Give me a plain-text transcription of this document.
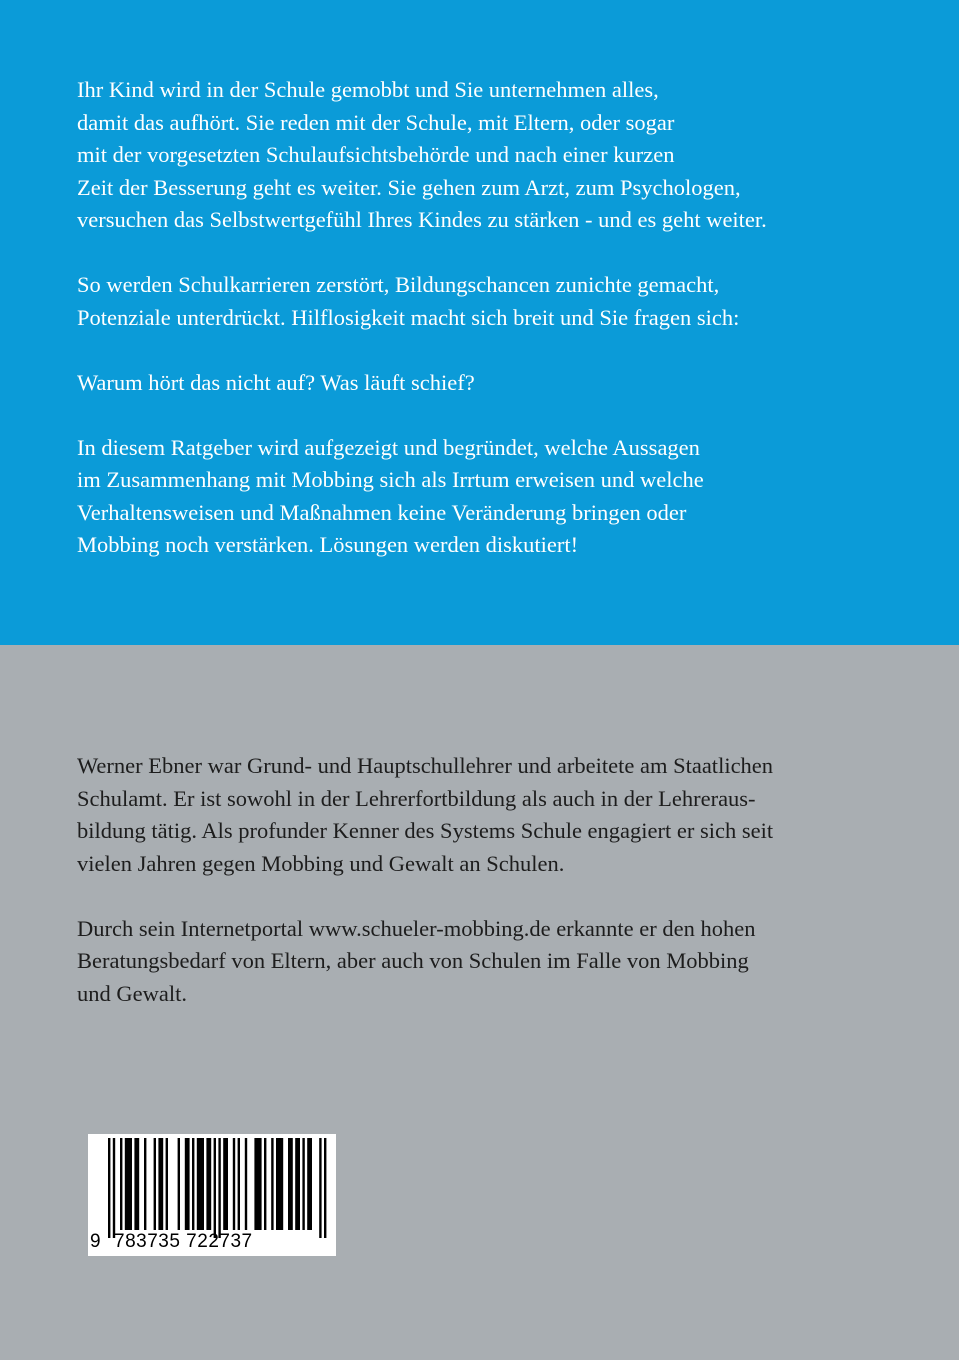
Ihr Kind wird in der Schule gemobbt und Sie unternehmen alles,
damit das aufhört. Sie reden mit der Schule, mit Eltern, oder sogar
mit der vorgesetzten Schulaufsichtsbehörde und nach einer kurzen
Zeit der Besserung geht es weiter. Sie gehen zum Arzt, zum Psychologen,
versuchen das Selbstwertgefühl Ihres Kindes zu stärken - und es geht weiter.

So werden Schulkarrieren zerstört, Bildungschancen zunichte gemacht,
Potenziale unterdrückt. Hilflosigkeit macht sich breit und Sie fragen sich:

Warum hört das nicht auf? Was läuft schief?

In diesem Ratgeber wird aufgezeigt und begründet, welche Aussagen
im Zusammenhang mit Mobbing sich als Irrtum erweisen und welche
Verhaltensweisen und Maßnahmen keine Veränderung bringen oder
Mobbing noch verstärken. Lösungen werden diskutiert!

Werner Ebner war Grund- und Hauptschullehrer und arbeitete am Staatlichen
Schulamt. Er ist sowohl in der Lehrerfortbildung als auch in der Lehreraus-
bildung tätig. Als profunder Kenner des Systems Schule engagiert er sich seit
vielen Jahren gegen Mobbing und Gewalt an Schulen.

Durch sein Internetportal www.schueler-mobbing.de erkannte er den hohen
Beratungsbedarf von Eltern, aber auch von Schulen im Falle von Mobbing
und Gewalt.

9 783735 722737
